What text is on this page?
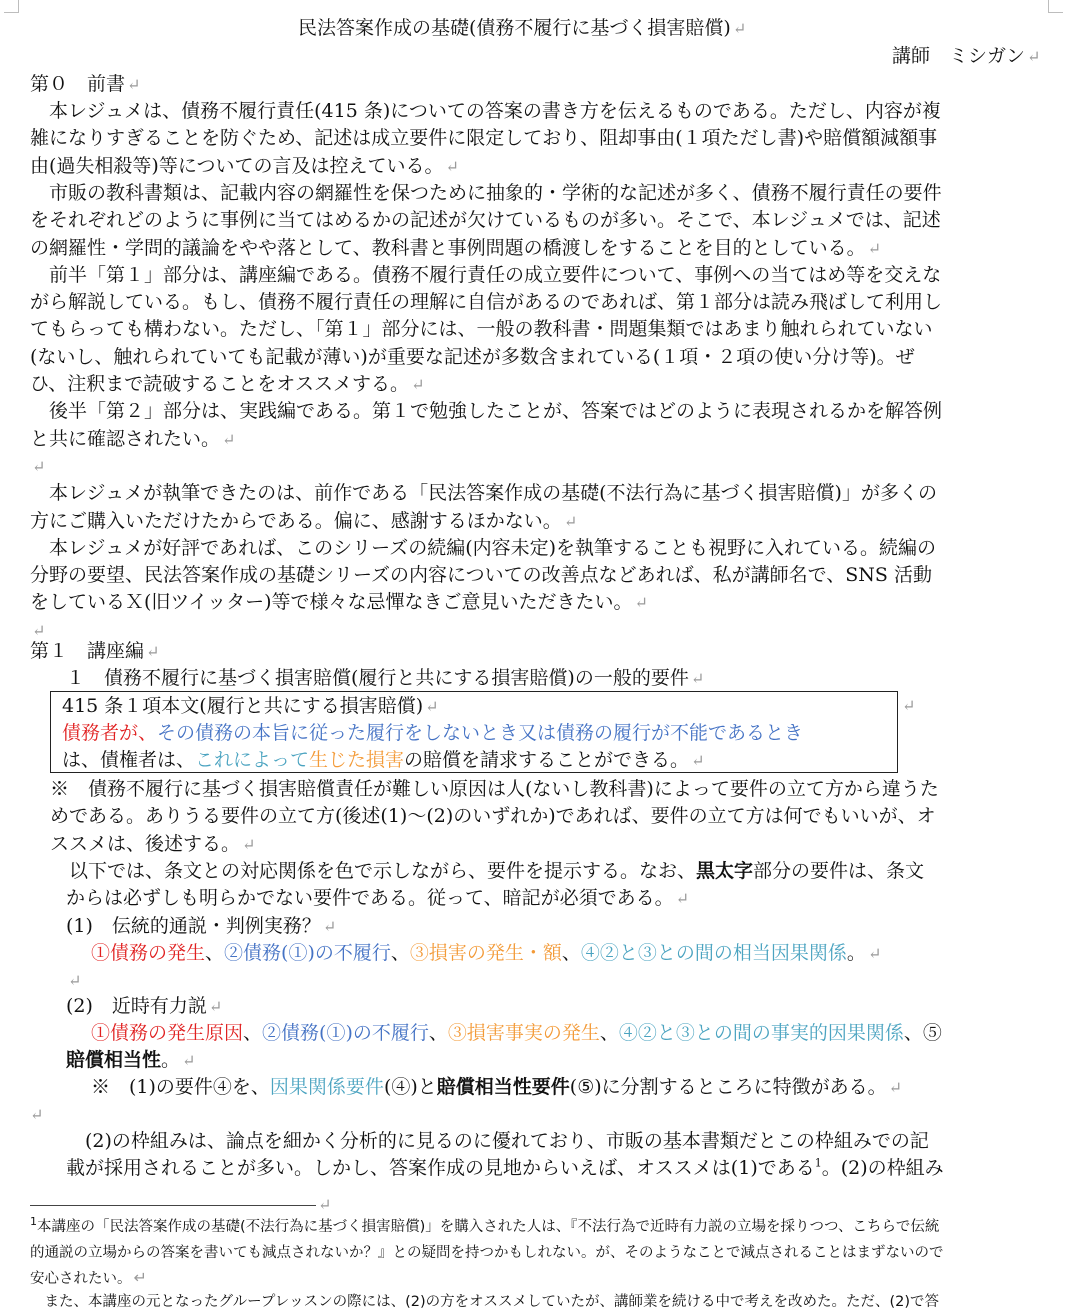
民法答案作成の基礎(債務不履行に基づく損害賠償) ↵
講師　ミシガン ↵
第０　前書 ↵
　本レジュメは、債務不履行責任(415 条)についての答案の書き方を伝えるものである。ただし、内容が複
雑になりすぎることを防ぐため、記述は成立要件に限定しており、阻却事由(１項ただし書)や賠償額減額事
由(過失相殺等)等についての言及は控えている。 ↵
　市販の教科書類は、記載内容の網羅性を保つために抽象的・学術的な記述が多く、債務不履行責任の要件
をそれぞれどのように事例に当てはめるかの記述が欠けているものが多い。そこで、本レジュメでは、記述
の網羅性・学問的議論をやや落として、教科書と事例問題の橋渡しをすることを目的としている。 ↵
　前半「第１」部分は、講座編である。債務不履行責任の成立要件について、事例への当てはめ等を交えな
がら解説している。もし、債務不履行責任の理解に自信があるのであれば、第１部分は読み飛ばして利用し
てもらっても構わない。ただし、「第１」部分には、一般の教科書・問題集類ではあまり触れられていない
(ないし、触れられていても記載が薄い)が重要な記述が多数含まれている(１項・２項の使い分け等)。ぜ
ひ、注釈まで読破することをオススメする。 ↵
　後半「第２」部分は、実践編である。第１で勉強したことが、答案ではどのように表現されるかを解答例
と共に確認されたい。 ↵
↵
　本レジュメが執筆できたのは、前作である「民法答案作成の基礎(不法行為に基づく損害賠償)」が多くの
方にご購入いただけたからである。偏に、感謝するほかない。 ↵
　本レジュメが好評であれば、このシリーズの続編(内容未定)を執筆することも視野に入れている。続編の
分野の要望、民法答案作成の基礎シリーズの内容についての改善点などあれば、私が講師名で、SNS 活動
をしているＸ(旧ツイッター)等で様々な忌憚なきご意見いただきたい。 ↵
↵
第１　講座編 ↵
１　債務不履行に基づく損害賠償(履行と共にする損害賠償)の一般的要件 ↵
415 条１項本文(履行と共にする損害賠償) ↵	↵
債務者が、その債務の本旨に従った履行をしないとき又は債務の履行が不能であるとき
は、債権者は、これによって生じた損害の賠償を請求することができる。 ↵
※　債務不履行に基づく損害賠償責任が難しい原因は人(ないし教科書)によって要件の立て方から違うた
めである。ありうる要件の立て方(後述(1)～(2)のいずれか)であれば、要件の立て方は何でもいいが、オ
ススメは、後述する。 ↵
　以下では、条文との対応関係を色で示しながら、要件を提示する。なお、黒太字部分の要件は、条文
からは必ずしも明らかでない要件である。従って、暗記が必須である。 ↵
(1)　伝統的通説・判例実務？ ↵
①債務の発生、②債務(①)の不履行、③損害の発生・額、④②と③との間の相当因果関係。 ↵
↵
(2)　近時有力説 ↵
①債務の発生原因、②債務(①)の不履行、③損害事実の発生、④②と③との間の事実的因果関係、⑤
賠償相当性。 ↵
※　(1)の要件④を、因果関係要件(④)と賠償相当性要件(⑤)に分割するところに特徴がある。 ↵
↵
　(2)の枠組みは、論点を細かく分析的に見るのに優れており、市販の基本書類だとこの枠組みでの記
載が採用されることが多い。しかし、答案作成の見地からいえば、オススメは(1)である$^1$。(2)の枠組み
↵
$^1$本講座の「民法答案作成の基礎(不法行為に基づく損害賠償)」を購入された人は、『不法行為で近時有力説の立場を採りつつ、こちらで伝統
的通説の立場からの答案を書いても減点されないか？』との疑問を持つかもしれない。が、そのようなことで減点されることはまずないので
安心されたい。 ↵
　また、本講座の元となったグループレッスンの際には、(2)の方をオススメしていたが、講師業を続ける中で考えを改めた。ただ、(2)で答
